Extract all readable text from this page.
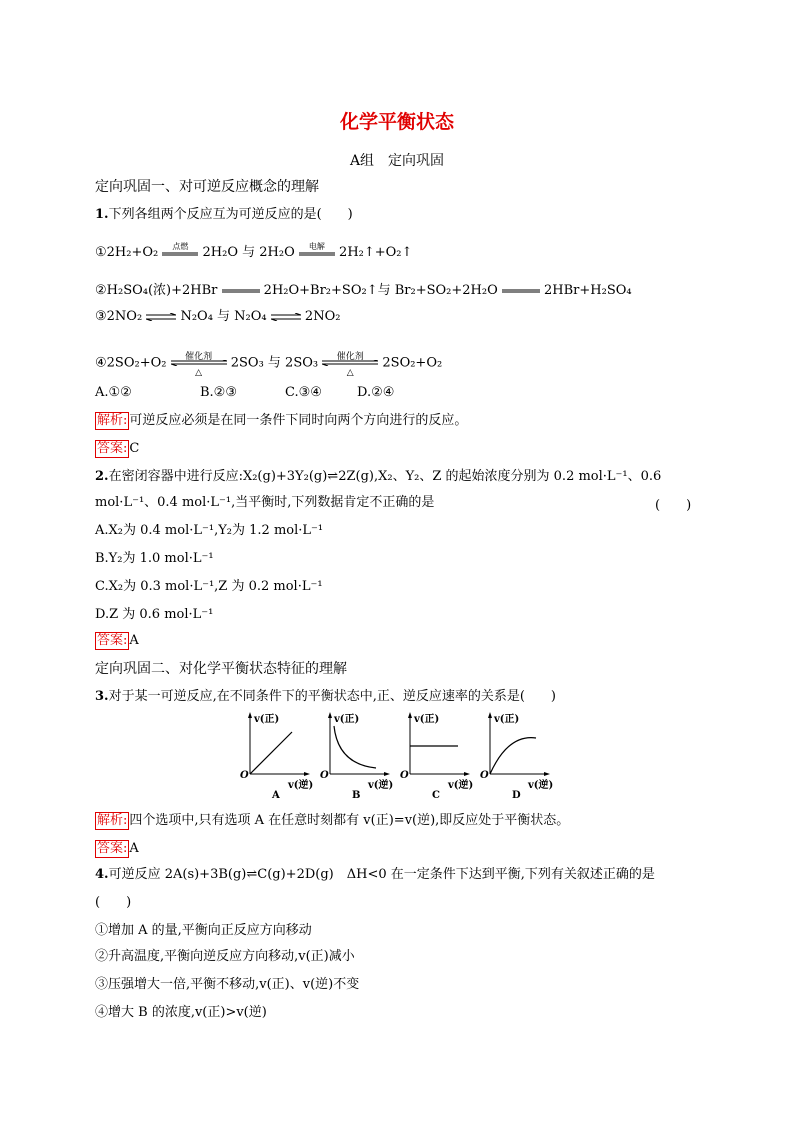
化学平衡状态
A组　定向巩固
定向巩固一、对可逆反应概念的理解
1.下列各组两个反应互为可逆反应的是(　　)
①2H₂+O₂	点燃	2H₂O 与 2H₂O	电解	2H₂↑+O₂↑
②H₂SO₄(浓)+2HBr	2H₂O+Br₂+SO₂↑与 Br₂+SO₂+2H₂O	2HBr+H₂SO₄
③2NO₂ ⇌ N₂O₄ 与 N₂O₄ ⇌ 2NO₂
④2SO₂+O₂	催化剂
△
2SO₃ 与 2SO₃	催化剂
△
2SO₂+O₂
A.①②	B.②③	C.③④	D.②④
解析: 可逆反应必须是在同一条件下同时向两个方向进行的反应。
答案: C
2.在密闭容器中进行反应:X₂(g)+3Y₂(g)⇌2Z(g),X₂、Y₂、Z 的起始浓度分别为 0.2 mol·L⁻¹、0.6
mol·L⁻¹、0.4 mol·L⁻¹,当平衡时,下列数据肯定不正确的是	(　　)
A.X₂为 0.4 mol·L⁻¹,Y₂为 1.2 mol·L⁻¹
B.Y₂为 1.0 mol·L⁻¹
C.X₂为 0.3 mol·L⁻¹,Z 为 0.2 mol·L⁻¹
D.Z 为 0.6 mol·L⁻¹
答案: A
定向巩固二、对化学平衡状态特征的理解
3.对于某一可逆反应,在不同条件下的平衡状态中,正、逆反应速率的关系是(　　)
v(正)
O
v(逆)
A
v(正)
O
v(逆)
B
v(正)
O
v(逆)
C
v(正)
O
v(逆)
D
解析: 四个选项中,只有选项 A 在任意时刻都有 v(正)=v(逆),即反应处于平衡状态。
答案: A
4.可逆反应 2A(s)+3B(g)⇌C(g)+2D(g)　ΔH<0 在一定条件下达到平衡,下列有关叙述正确的是
(　　)
①增加 A 的量,平衡向正反应方向移动
②升高温度,平衡向逆反应方向移动,v(正)减小
③压强增大一倍,平衡不移动,v(正)、v(逆)不变
④增大 B 的浓度,v(正)>v(逆)
